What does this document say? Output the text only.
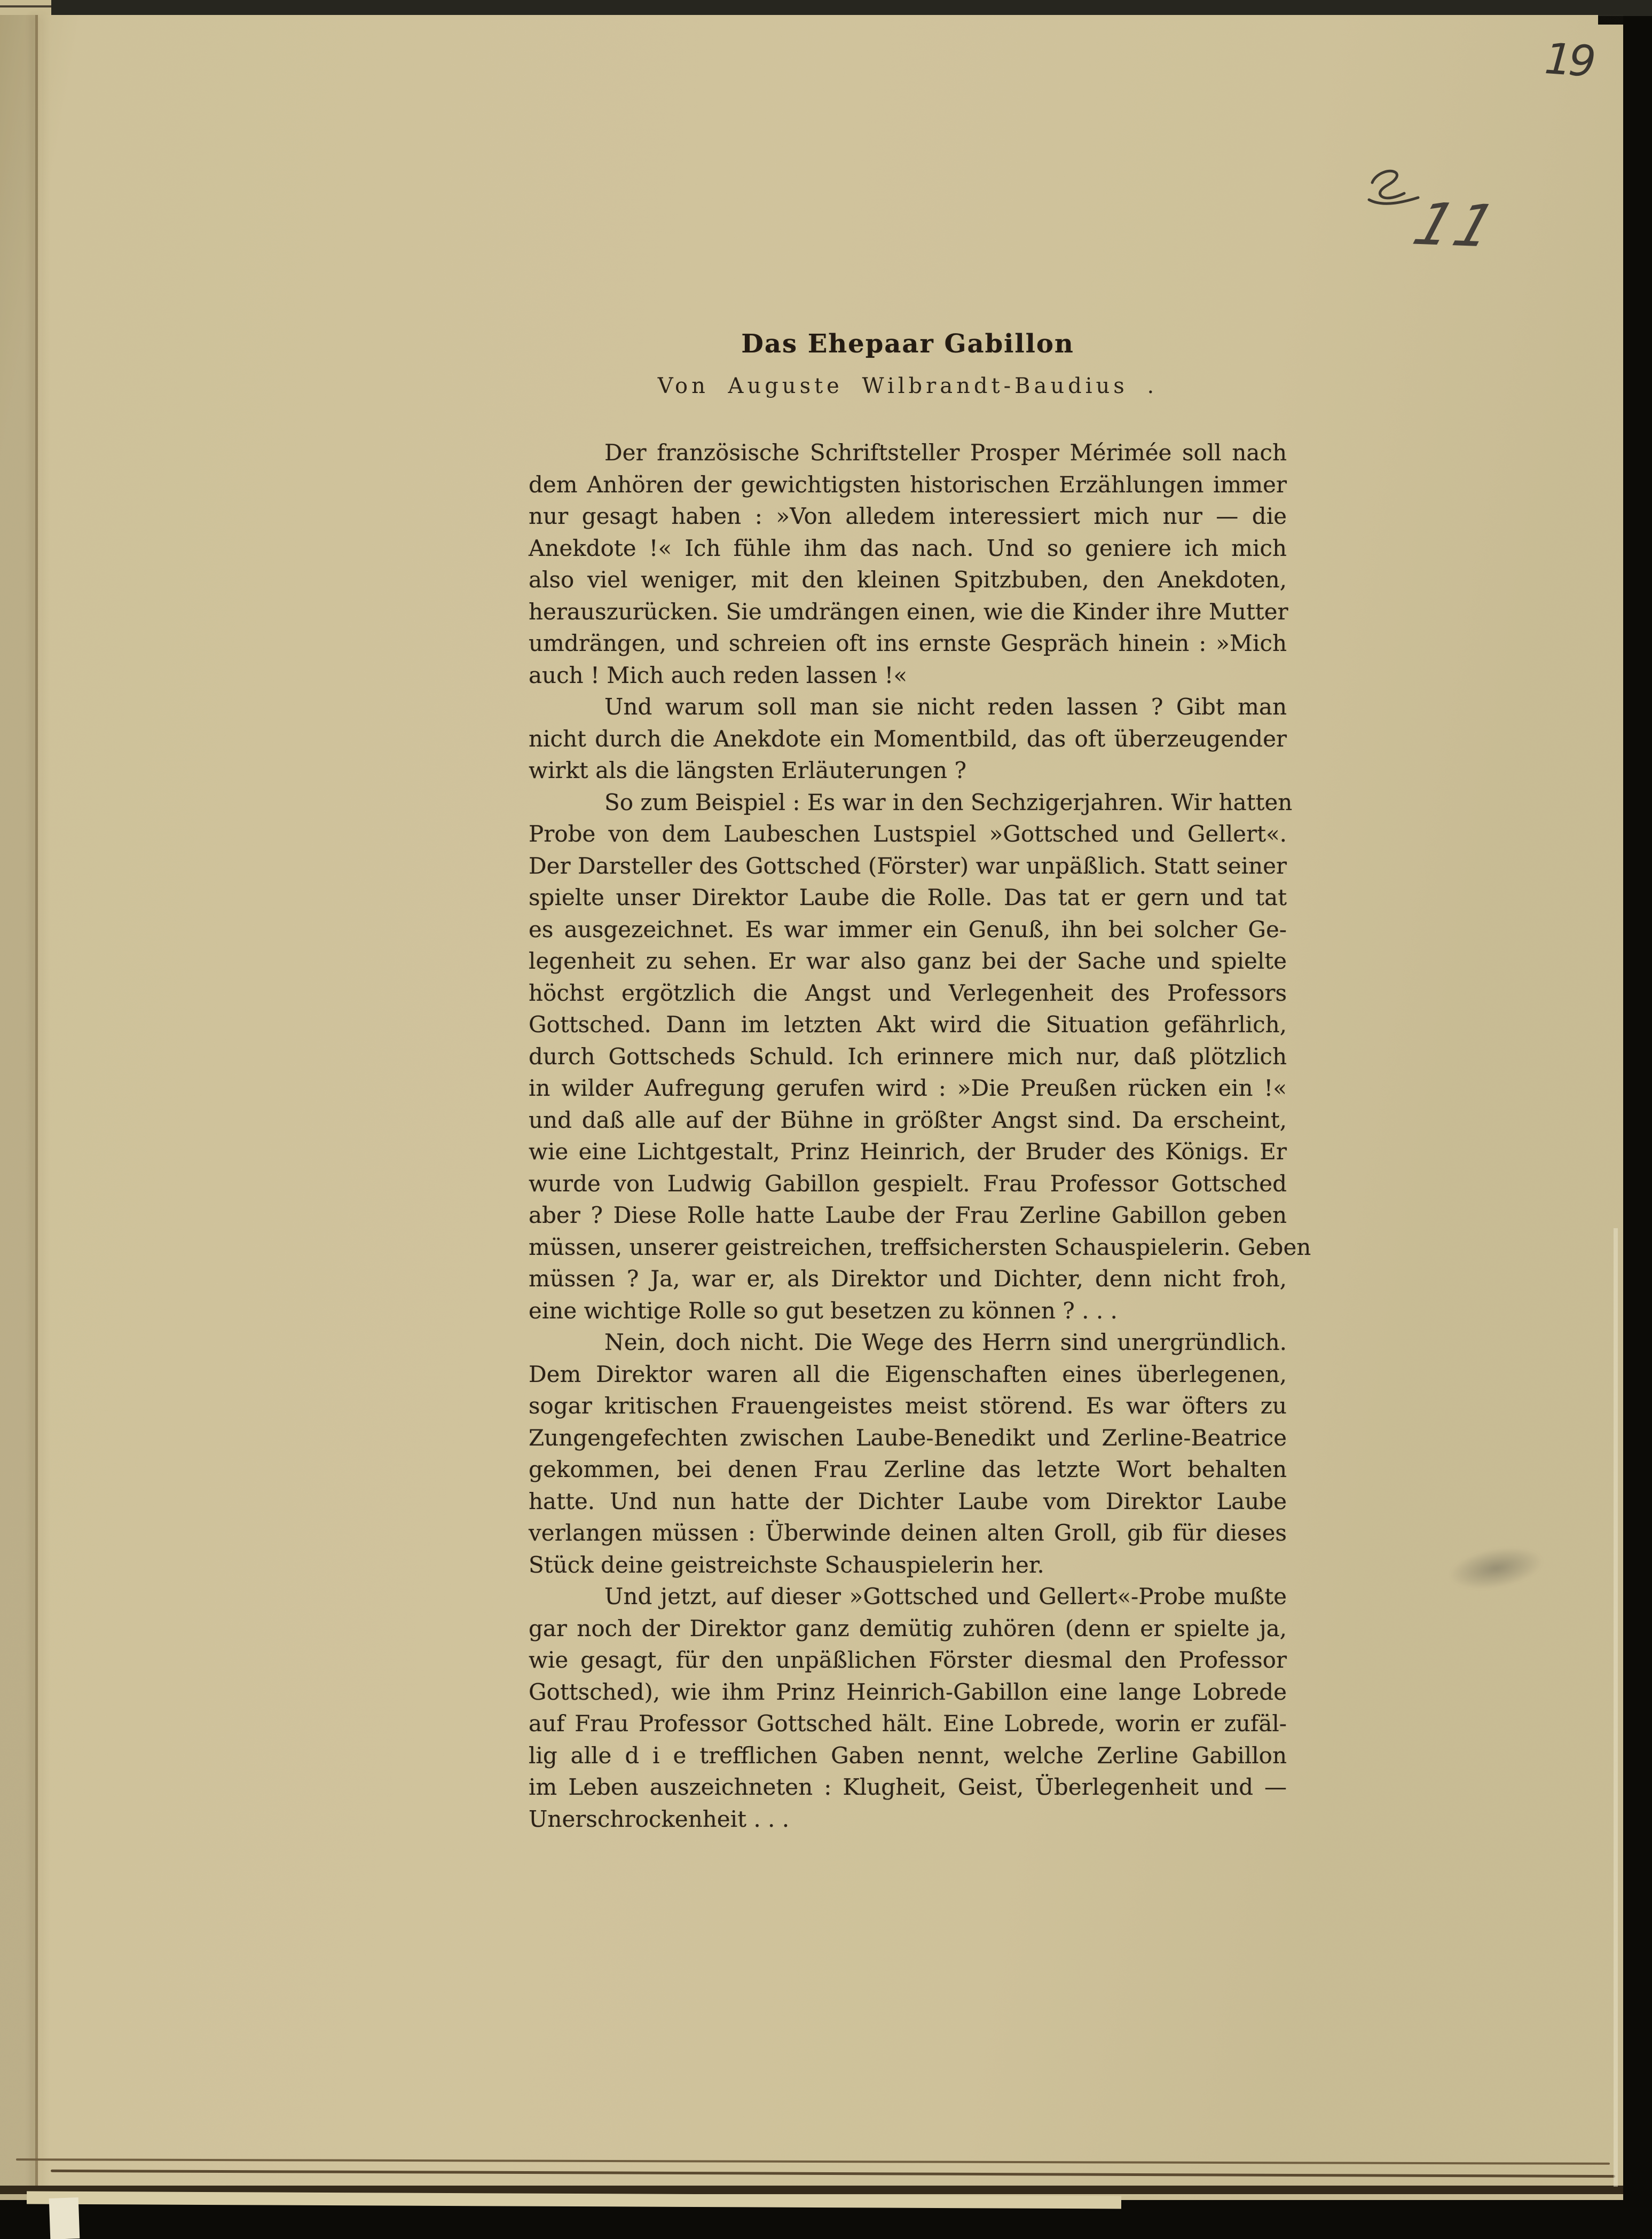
Das Ehepaar Gabillon
Von Auguste Wilbrandt-Baudius .
Der französische Schriftsteller Prosper Mérimée soll nach
dem Anhören der gewichtigsten historischen Erzählungen immer
nur gesagt haben : »Von alledem interessiert mich nur — die
Anekdote !« Ich fühle ihm das nach. Und so geniere ich mich
also viel weniger, mit den kleinen Spitzbuben, den Anekdoten,
herauszurücken. Sie umdrängen einen, wie die Kinder ihre Mutter
umdrängen, und schreien oft ins ernste Gespräch hinein : »Mich
auch ! Mich auch reden lassen !«
Und warum soll man sie nicht reden lassen ? Gibt man
nicht durch die Anekdote ein Momentbild, das oft überzeugender
wirkt als die längsten Erläuterungen ?
So zum Beispiel : Es war in den Sechzigerjahren. Wir hatten
Probe von dem Laubeschen Lustspiel »Gottsched und Gellert«.
Der Darsteller des Gottsched (Förster) war unpäßlich. Statt seiner
spielte unser Direktor Laube die Rolle. Das tat er gern und tat
es ausgezeichnet. Es war immer ein Genuß, ihn bei solcher Ge-
legenheit zu sehen. Er war also ganz bei der Sache und spielte
höchst ergötzlich die Angst und Verlegenheit des Professors
Gottsched. Dann im letzten Akt wird die Situation gefährlich,
durch Gottscheds Schuld. Ich erinnere mich nur, daß plötzlich
in wilder Aufregung gerufen wird : »Die Preußen rücken ein !«
und daß alle auf der Bühne in größter Angst sind. Da erscheint,
wie eine Lichtgestalt, Prinz Heinrich, der Bruder des Königs. Er
wurde von Ludwig Gabillon gespielt. Frau Professor Gottsched
aber ? Diese Rolle hatte Laube der Frau Zerline Gabillon geben
müssen, unserer geistreichen, treffsichersten Schauspielerin. Geben
müssen ? Ja, war er, als Direktor und Dichter, denn nicht froh,
eine wichtige Rolle so gut besetzen zu können ? . . .
Nein, doch nicht. Die Wege des Herrn sind unergründlich.
Dem Direktor waren all die Eigenschaften eines überlegenen,
sogar kritischen Frauengeistes meist störend. Es war öfters zu
Zungengefechten zwischen Laube-Benedikt und Zerline-Beatrice
gekommen, bei denen Frau Zerline das letzte Wort behalten
hatte. Und nun hatte der Dichter Laube vom Direktor Laube
verlangen müssen : Überwinde deinen alten Groll, gib für dieses
Stück deine geistreichste Schauspielerin her.
Und jetzt, auf dieser »Gottsched und Gellert«-Probe mußte
gar noch der Direktor ganz demütig zuhören (denn er spielte ja,
wie gesagt, für den unpäßlichen Förster diesmal den Professor
Gottsched), wie ihm Prinz Heinrich-Gabillon eine lange Lobrede
auf Frau Professor Gottsched hält. Eine Lobrede, worin er zufäl-
lig alle d i e trefflichen Gaben nennt, welche Zerline Gabillon
im Leben auszeichneten : Klugheit, Geist, Überlegenheit und —
Unerschrockenheit . . .
19
11
